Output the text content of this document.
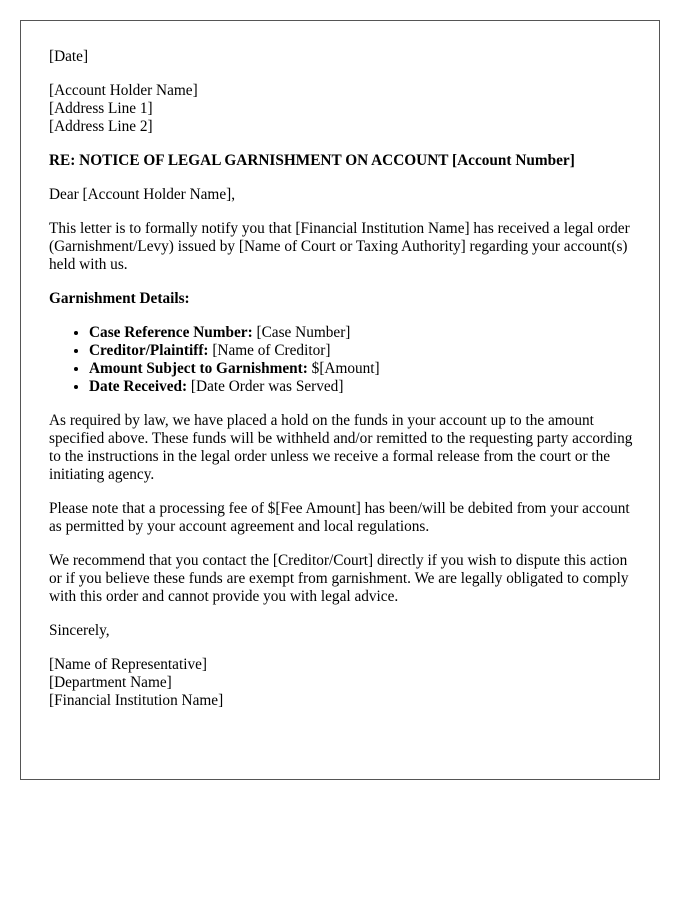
[Date]

[Account Holder Name]
[Address Line 1]
[Address Line 2]

RE: NOTICE OF LEGAL GARNISHMENT ON ACCOUNT [Account Number]

Dear [Account Holder Name],

This letter is to formally notify you that [Financial Institution Name] has received a legal order (Garnishment/Levy) issued by [Name of Court or Taxing Authority] regarding your account(s) held with us.

Garnishment Details:

• Case Reference Number: [Case Number]
• Creditor/Plaintiff: [Name of Creditor]
• Amount Subject to Garnishment: $[Amount]
• Date Received: [Date Order was Served]

As required by law, we have placed a hold on the funds in your account up to the amount specified above. These funds will be withheld and/or remitted to the requesting party according to the instructions in the legal order unless we receive a formal release from the court or the initiating agency.

Please note that a processing fee of $[Fee Amount] has been/will be debited from your account as permitted by your account agreement and local regulations.

We recommend that you contact the [Creditor/Court] directly if you wish to dispute this action or if you believe these funds are exempt from garnishment. We are legally obligated to comply with this order and cannot provide you with legal advice.

Sincerely,

[Name of Representative]
[Department Name]
[Financial Institution Name]
